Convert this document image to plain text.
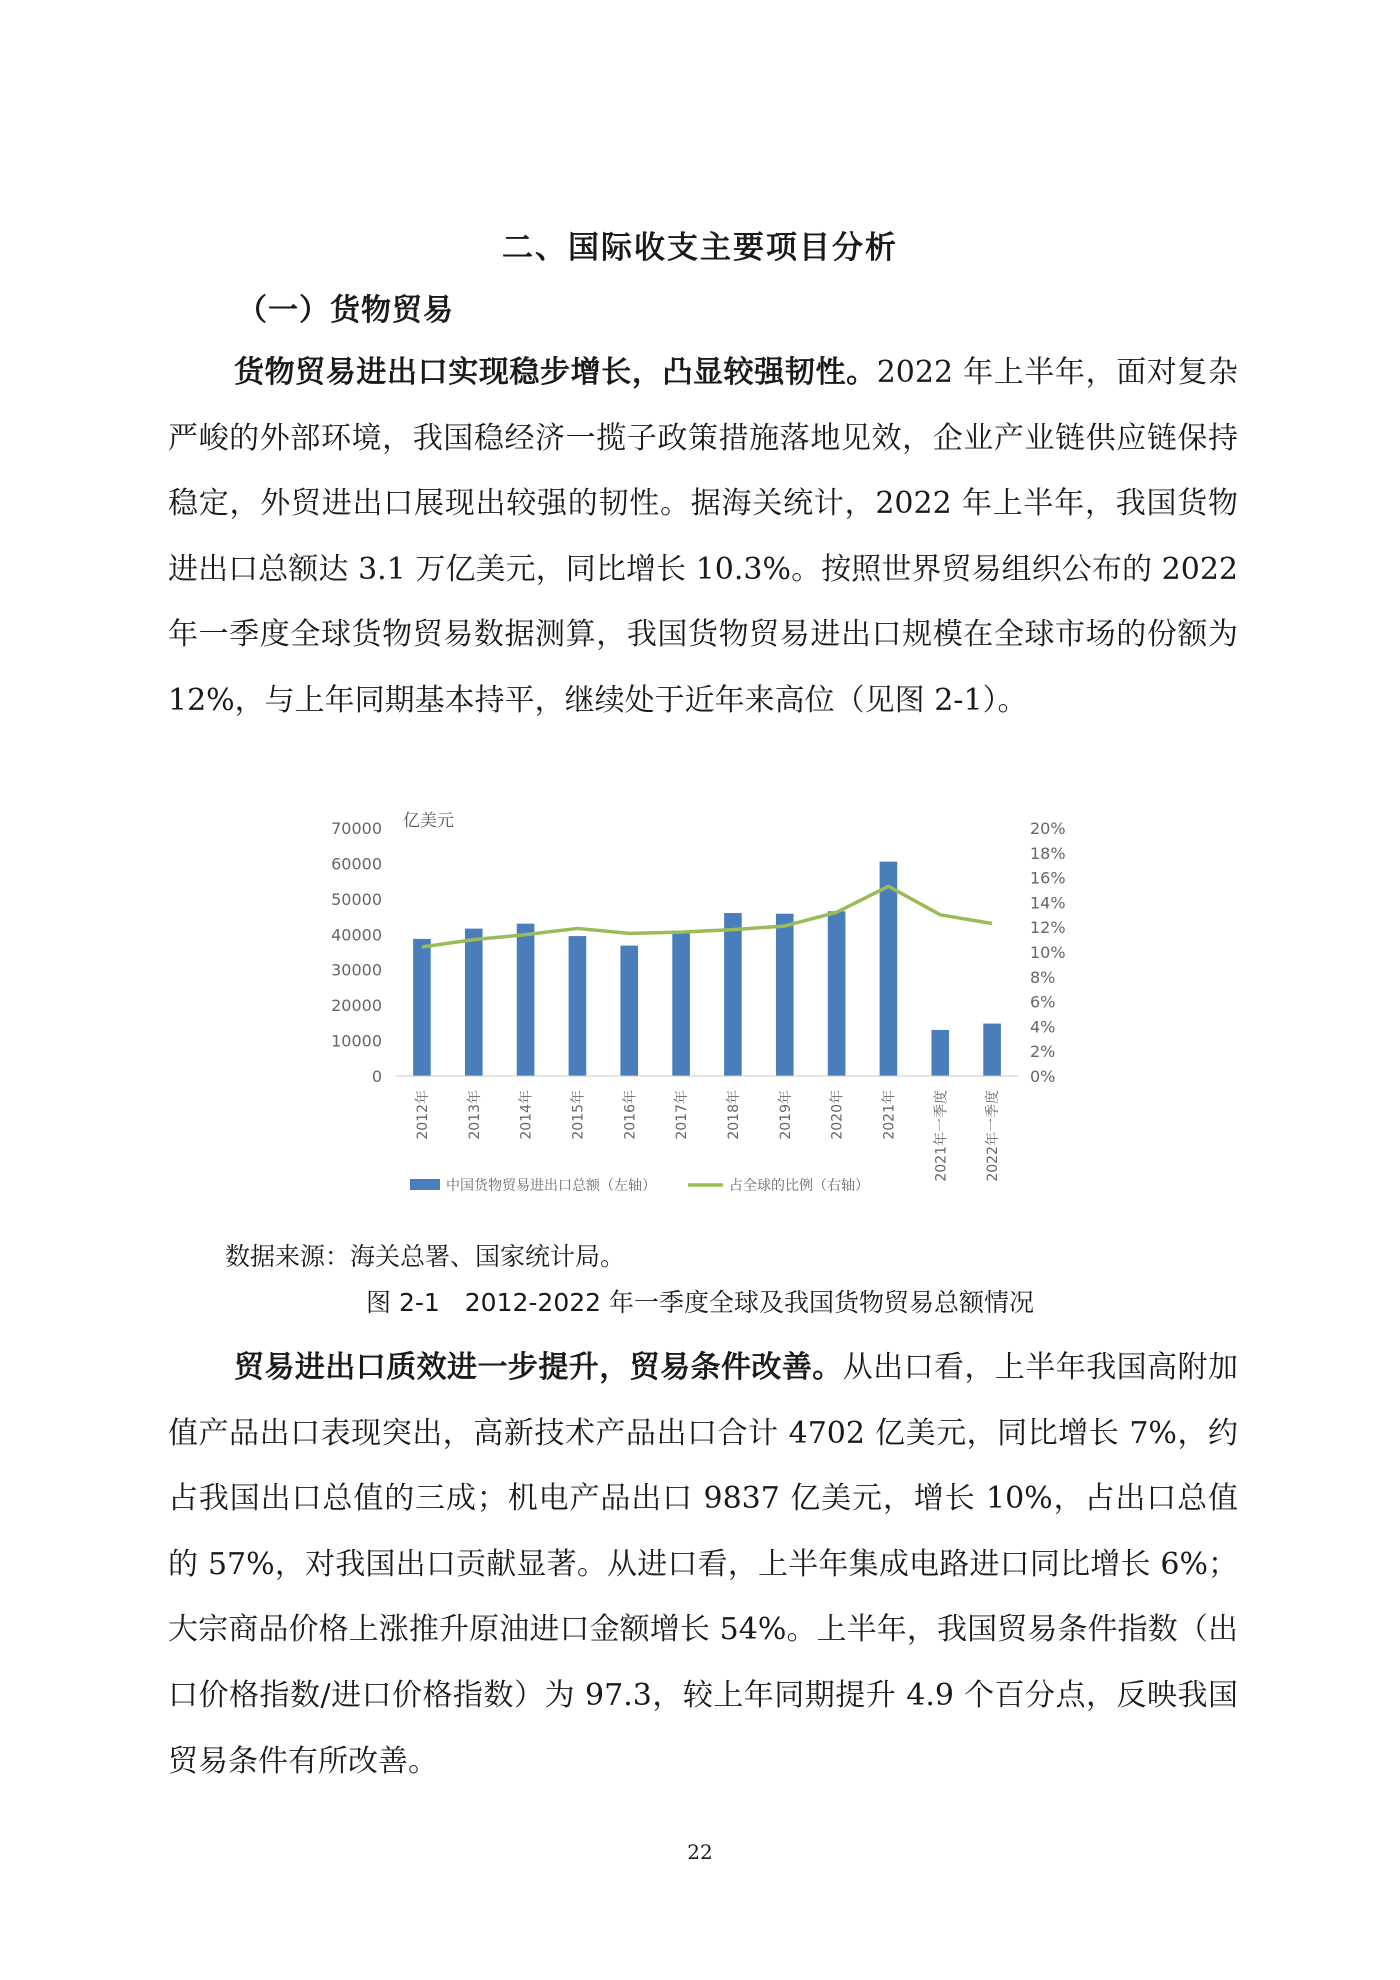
二、国际收支主要项目分析
（一）货物贸易

货物贸易进出口实现稳步增长，凸显较强韧性。2022 年上半年，面对复杂严峻的外部环境，我国稳经济一揽子政策措施落地见效，企业产业链供应链保持稳定，外贸进出口展现出较强的韧性。据海关统计，2022 年上半年，我国货物进出口总额达 3.1 万亿美元，同比增长 10.3%。按照世界贸易组织公布的 2022 年一季度全球货物贸易数据测算，我国货物贸易进出口规模在全球市场的份额为 12%，与上年同期基本持平，继续处于近年来高位（见图 2-1）。

0
10000
20000
30000
40000
50000
60000
70000
0%
2%
4%
6%
8%
10%
12%
14%
16%
18%
20%
2012年	2013年	2014年	2015年	2016年	2017年	2018年	2019年	2020年	2021年	2021年一季度	2022年一季度
亿美元
中国货物贸易进出口总额（左轴）	占全球的比例（右轴）
数据来源：海关总署、国家统计局。
图 2-1　2012-2022 年一季度全球及我国货物贸易总额情况

贸易进出口质效进一步提升，贸易条件改善。从出口看，上半年我国高附加值产品出口表现突出，高新技术产品出口合计 4702 亿美元，同比增长 7%，约占我国出口总值的三成；机电产品出口 9837 亿美元，增长 10%，占出口总值的 57%，对我国出口贡献显著。从进口看，上半年集成电路进口同比增长 6%；大宗商品价格上涨推升原油进口金额增长 54%。上半年，我国贸易条件指数（出口价格指数/进口价格指数）为 97.3，较上年同期提升 4.9 个百分点，反映我国贸易条件有所改善。

22
